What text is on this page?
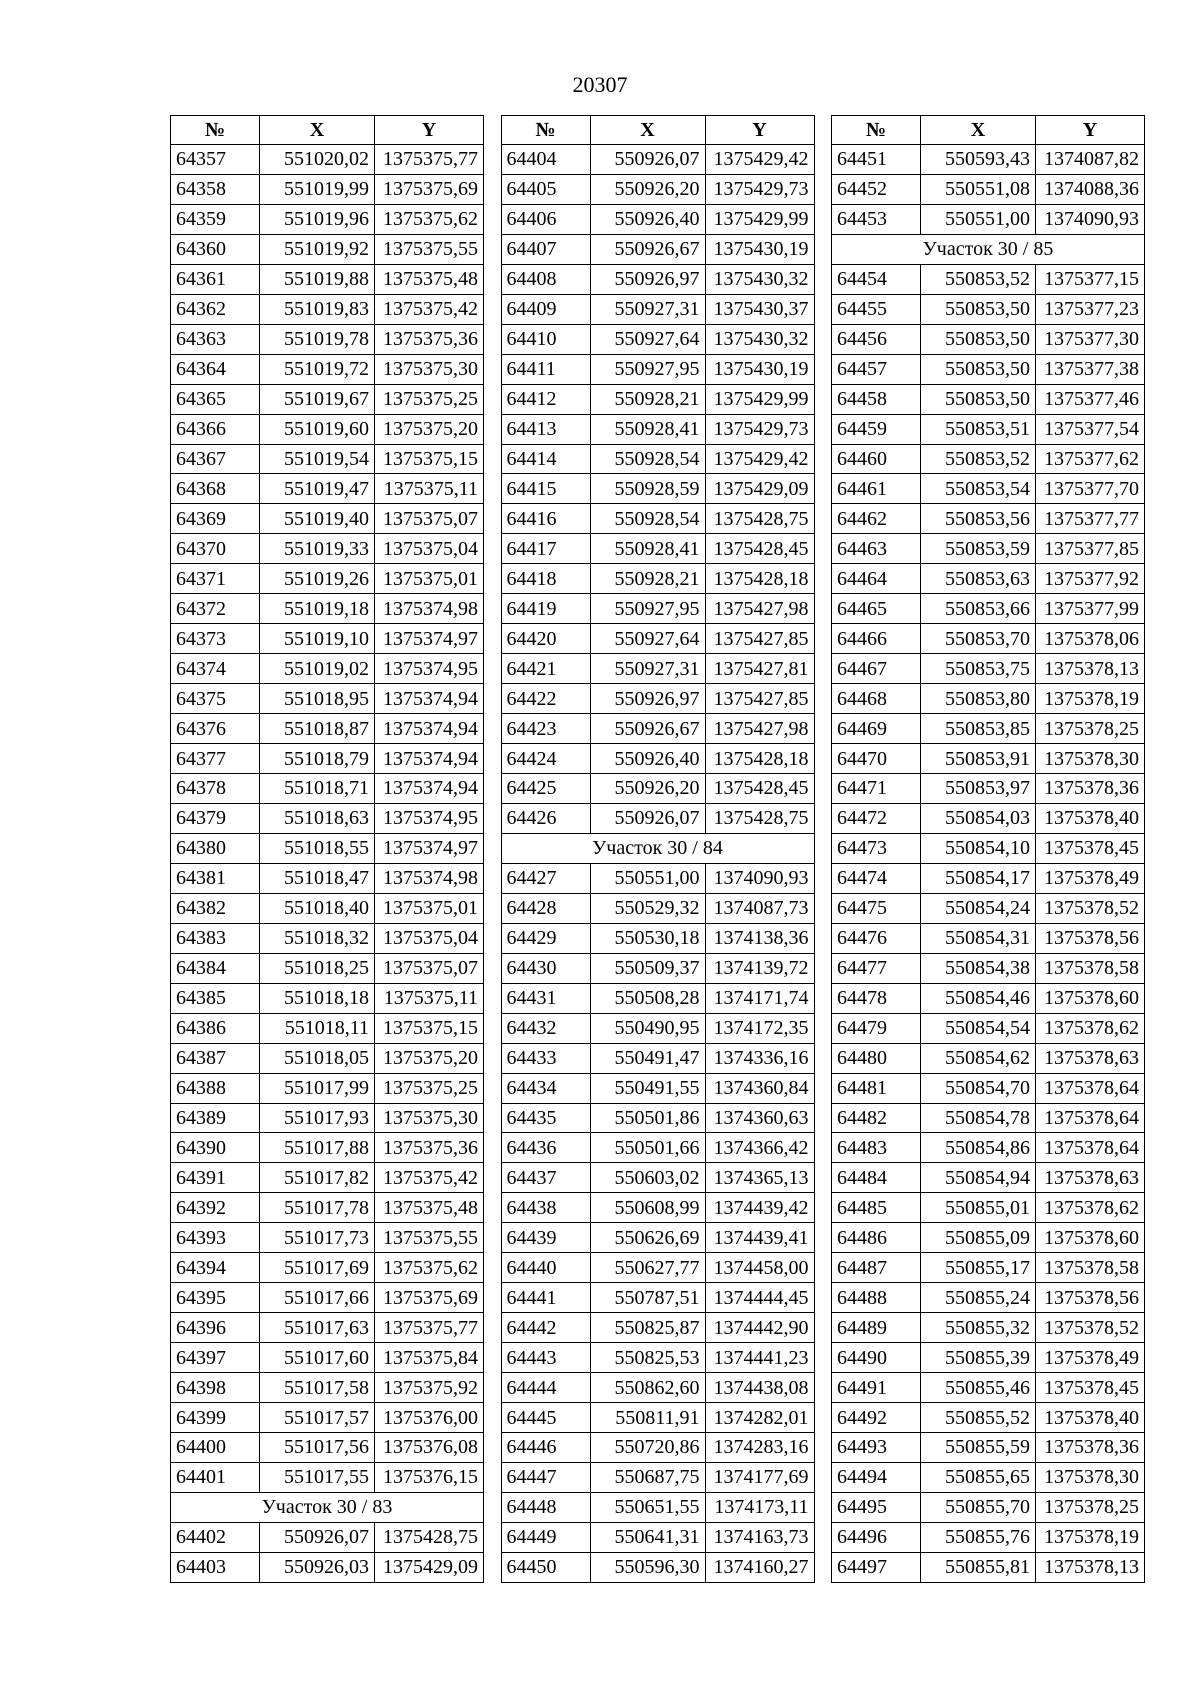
20307
№	X	Y
64357	551020,02	1375375,77
64358	551019,99	1375375,69
64359	551019,96	1375375,62
64360	551019,92	1375375,55
64361	551019,88	1375375,48
64362	551019,83	1375375,42
64363	551019,78	1375375,36
64364	551019,72	1375375,30
64365	551019,67	1375375,25
64366	551019,60	1375375,20
64367	551019,54	1375375,15
64368	551019,47	1375375,11
64369	551019,40	1375375,07
64370	551019,33	1375375,04
64371	551019,26	1375375,01
64372	551019,18	1375374,98
64373	551019,10	1375374,97
64374	551019,02	1375374,95
64375	551018,95	1375374,94
64376	551018,87	1375374,94
64377	551018,79	1375374,94
64378	551018,71	1375374,94
64379	551018,63	1375374,95
64380	551018,55	1375374,97
64381	551018,47	1375374,98
64382	551018,40	1375375,01
64383	551018,32	1375375,04
64384	551018,25	1375375,07
64385	551018,18	1375375,11
64386	551018,11	1375375,15
64387	551018,05	1375375,20
64388	551017,99	1375375,25
64389	551017,93	1375375,30
64390	551017,88	1375375,36
64391	551017,82	1375375,42
64392	551017,78	1375375,48
64393	551017,73	1375375,55
64394	551017,69	1375375,62
64395	551017,66	1375375,69
64396	551017,63	1375375,77
64397	551017,60	1375375,84
64398	551017,58	1375375,92
64399	551017,57	1375376,00
64400	551017,56	1375376,08
64401	551017,55	1375376,15
Участок 30 / 83		
64402	550926,07	1375428,75
64403	550926,03	1375429,09
№	X	Y
64404	550926,07	1375429,42
64405	550926,20	1375429,73
64406	550926,40	1375429,99
64407	550926,67	1375430,19
64408	550926,97	1375430,32
64409	550927,31	1375430,37
64410	550927,64	1375430,32
64411	550927,95	1375430,19
64412	550928,21	1375429,99
64413	550928,41	1375429,73
64414	550928,54	1375429,42
64415	550928,59	1375429,09
64416	550928,54	1375428,75
64417	550928,41	1375428,45
64418	550928,21	1375428,18
64419	550927,95	1375427,98
64420	550927,64	1375427,85
64421	550927,31	1375427,81
64422	550926,97	1375427,85
64423	550926,67	1375427,98
64424	550926,40	1375428,18
64425	550926,20	1375428,45
64426	550926,07	1375428,75
Участок 30 / 84		
64427	550551,00	1374090,93
64428	550529,32	1374087,73
64429	550530,18	1374138,36
64430	550509,37	1374139,72
64431	550508,28	1374171,74
64432	550490,95	1374172,35
64433	550491,47	1374336,16
64434	550491,55	1374360,84
64435	550501,86	1374360,63
64436	550501,66	1374366,42
64437	550603,02	1374365,13
64438	550608,99	1374439,42
64439	550626,69	1374439,41
64440	550627,77	1374458,00
64441	550787,51	1374444,45
64442	550825,87	1374442,90
64443	550825,53	1374441,23
64444	550862,60	1374438,08
64445	550811,91	1374282,01
64446	550720,86	1374283,16
64447	550687,75	1374177,69
64448	550651,55	1374173,11
64449	550641,31	1374163,73
64450	550596,30	1374160,27
№	X	Y
64451	550593,43	1374087,82
64452	550551,08	1374088,36
64453	550551,00	1374090,93
Участок 30 / 85		
64454	550853,52	1375377,15
64455	550853,50	1375377,23
64456	550853,50	1375377,30
64457	550853,50	1375377,38
64458	550853,50	1375377,46
64459	550853,51	1375377,54
64460	550853,52	1375377,62
64461	550853,54	1375377,70
64462	550853,56	1375377,77
64463	550853,59	1375377,85
64464	550853,63	1375377,92
64465	550853,66	1375377,99
64466	550853,70	1375378,06
64467	550853,75	1375378,13
64468	550853,80	1375378,19
64469	550853,85	1375378,25
64470	550853,91	1375378,30
64471	550853,97	1375378,36
64472	550854,03	1375378,40
64473	550854,10	1375378,45
64474	550854,17	1375378,49
64475	550854,24	1375378,52
64476	550854,31	1375378,56
64477	550854,38	1375378,58
64478	550854,46	1375378,60
64479	550854,54	1375378,62
64480	550854,62	1375378,63
64481	550854,70	1375378,64
64482	550854,78	1375378,64
64483	550854,86	1375378,64
64484	550854,94	1375378,63
64485	550855,01	1375378,62
64486	550855,09	1375378,60
64487	550855,17	1375378,58
64488	550855,24	1375378,56
64489	550855,32	1375378,52
64490	550855,39	1375378,49
64491	550855,46	1375378,45
64492	550855,52	1375378,40
64493	550855,59	1375378,36
64494	550855,65	1375378,30
64495	550855,70	1375378,25
64496	550855,76	1375378,19
64497	550855,81	1375378,13
